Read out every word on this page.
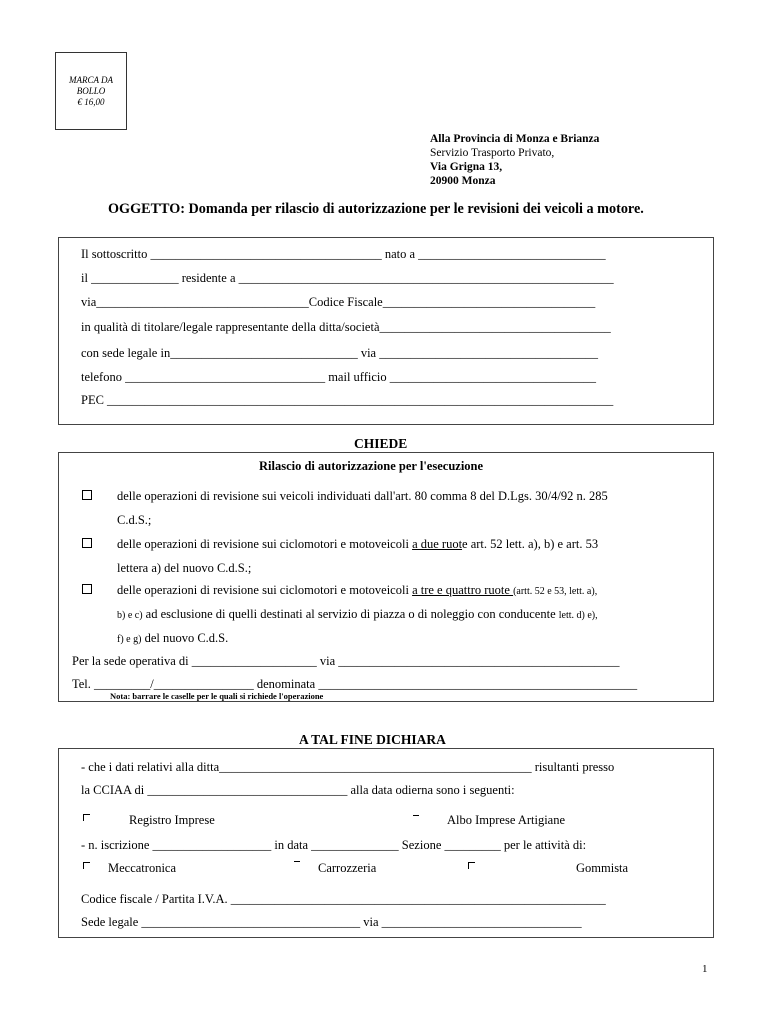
MARCA DA
BOLLO
€ 16,00
Alla Provincia di Monza e Brianza
Servizio Trasporto Privato,
Via Grigna 13,
20900 Monza
OGGETTO: Domanda per rilascio di autorizzazione per le revisioni dei veicoli a motore.
Il sottoscritto _____________________________________ nato a ______________________________
il ______________ residente a ____________________________________________________________
via__________________________________Codice Fiscale__________________________________
in qualità di titolare/legale rappresentante della ditta/società_____________________________________
con sede legale in______________________________ via ___________________________________
telefono ________________________________ mail ufficio _________________________________
PEC _________________________________________________________________________________
CHIEDE
Rilascio di autorizzazione per l'esecuzione
delle operazioni di revisione sui veicoli individuati dall'art. 80 comma 8 del D.Lgs. 30/4/92 n. 285
C.d.S.;
delle operazioni di revisione sui ciclomotori e motoveicoli a due ruote art. 52 lett. a), b) e art. 53
lettera a) del nuovo C.d.S.;
delle operazioni di revisione sui ciclomotori e motoveicoli a tre e quattro ruote (artt. 52 e 53, lett. a),
b) e c) ad esclusione di quelli destinati al servizio di piazza o di noleggio con conducente lett. d) e),
f) e g) del nuovo C.d.S.
Per la sede operativa di ____________________ via _____________________________________________
Tel. _________/________________ denominata ___________________________________________________
Nota: barrare le caselle per le quali si richiede l'operazione
A TAL FINE DICHIARA
- che i dati relativi alla ditta__________________________________________________ risultanti presso
la CCIAA di ________________________________ alla data odierna sono i seguenti:
Registro Imprese	Albo Imprese Artigiane
- n. iscrizione ___________________ in data ______________ Sezione _________ per le attività di:
Meccatronica	Carrozzeria	Gommista
Codice fiscale / Partita I.V.A. ____________________________________________________________
Sede legale ___________________________________ via ________________________________
1
